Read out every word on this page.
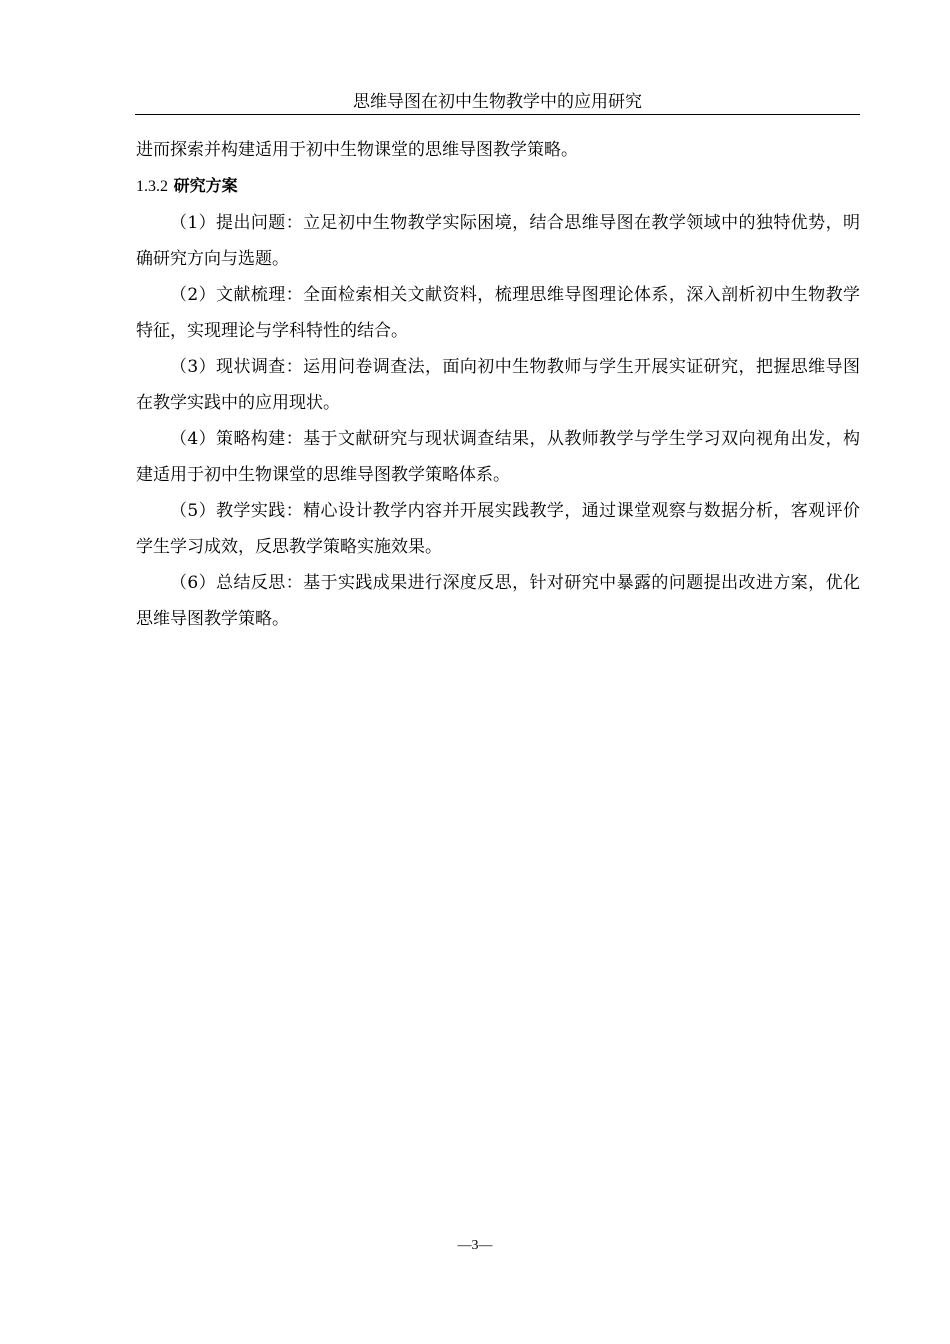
思维导图在初中生物教学中的应用研究

进而探索并构建适用于初中生物课堂的思维导图教学策略。

1.3.2 研究方案

（1）提出问题：立足初中生物教学实际困境，结合思维导图在教学领域中的独特优势，明确研究方向与选题。

（2）文献梳理：全面检索相关文献资料，梳理思维导图理论体系，深入剖析初中生物教学特征，实现理论与学科特性的结合。

（3）现状调查：运用问卷调查法，面向初中生物教师与学生开展实证研究，把握思维导图在教学实践中的应用现状。

（4）策略构建：基于文献研究与现状调查结果，从教师教学与学生学习双向视角出发，构建适用于初中生物课堂的思维导图教学策略体系。

（5）教学实践：精心设计教学内容并开展实践教学，通过课堂观察与数据分析，客观评价学生学习成效，反思教学策略实施效果。

（6）总结反思：基于实践成果进行深度反思，针对研究中暴露的问题提出改进方案，优化思维导图教学策略。

—3—
